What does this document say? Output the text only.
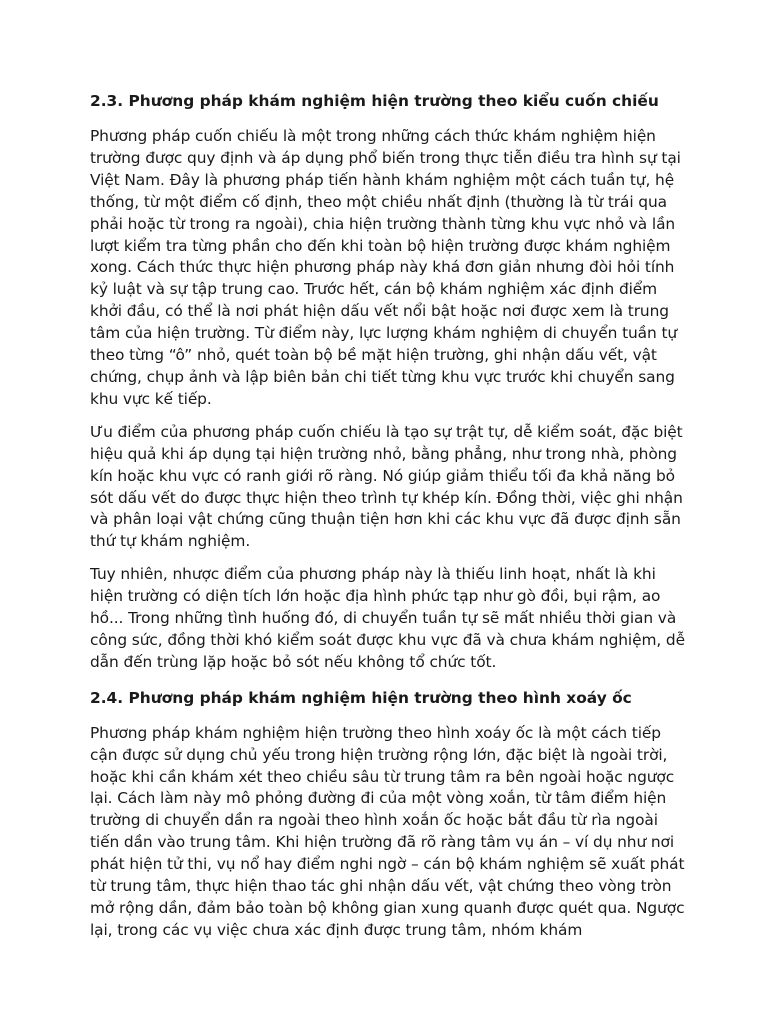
2.3. Phương pháp khám nghiệm hiện trường theo kiểu cuốn chiếu

Phương pháp cuốn chiếu là một trong những cách thức khám nghiệm hiện trường được quy định và áp dụng phổ biến trong thực tiễn điều tra hình sự tại Việt Nam. Đây là phương pháp tiến hành khám nghiệm một cách tuần tự, hệ thống, từ một điểm cố định, theo một chiều nhất định (thường là từ trái qua phải hoặc từ trong ra ngoài), chia hiện trường thành từng khu vực nhỏ và lần lượt kiểm tra từng phần cho đến khi toàn bộ hiện trường được khám nghiệm xong. Cách thức thực hiện phương pháp này khá đơn giản nhưng đòi hỏi tính kỷ luật và sự tập trung cao. Trước hết, cán bộ khám nghiệm xác định điểm khởi đầu, có thể là nơi phát hiện dấu vết nổi bật hoặc nơi được xem là trung tâm của hiện trường. Từ điểm này, lực lượng khám nghiệm di chuyển tuần tự theo từng “ô” nhỏ, quét toàn bộ bề mặt hiện trường, ghi nhận dấu vết, vật chứng, chụp ảnh và lập biên bản chi tiết từng khu vực trước khi chuyển sang khu vực kế tiếp.

Ưu điểm của phương pháp cuốn chiếu là tạo sự trật tự, dễ kiểm soát, đặc biệt hiệu quả khi áp dụng tại hiện trường nhỏ, bằng phẳng, như trong nhà, phòng kín hoặc khu vực có ranh giới rõ ràng. Nó giúp giảm thiểu tối đa khả năng bỏ sót dấu vết do được thực hiện theo trình tự khép kín. Đồng thời, việc ghi nhận và phân loại vật chứng cũng thuận tiện hơn khi các khu vực đã được định sẵn thứ tự khám nghiệm.

Tuy nhiên, nhược điểm của phương pháp này là thiếu linh hoạt, nhất là khi hiện trường có diện tích lớn hoặc địa hình phức tạp như gò đồi, bụi rậm, ao hồ... Trong những tình huống đó, di chuyển tuần tự sẽ mất nhiều thời gian và công sức, đồng thời khó kiểm soát được khu vực đã và chưa khám nghiệm, dễ dẫn đến trùng lặp hoặc bỏ sót nếu không tổ chức tốt.

2.4. Phương pháp khám nghiệm hiện trường theo hình xoáy ốc

Phương pháp khám nghiệm hiện trường theo hình xoáy ốc là một cách tiếp cận được sử dụng chủ yếu trong hiện trường rộng lớn, đặc biệt là ngoài trời, hoặc khi cần khám xét theo chiều sâu từ trung tâm ra bên ngoài hoặc ngược lại. Cách làm này mô phỏng đường đi của một vòng xoắn, từ tâm điểm hiện trường di chuyển dần ra ngoài theo hình xoắn ốc hoặc bắt đầu từ rìa ngoài tiến dần vào trung tâm. Khi hiện trường đã rõ ràng tâm vụ án – ví dụ như nơi phát hiện tử thi, vụ nổ hay điểm nghi ngờ – cán bộ khám nghiệm sẽ xuất phát từ trung tâm, thực hiện thao tác ghi nhận dấu vết, vật chứng theo vòng tròn mở rộng dần, đảm bảo toàn bộ không gian xung quanh được quét qua. Ngược lại, trong các vụ việc chưa xác định được trung tâm, nhóm khám
